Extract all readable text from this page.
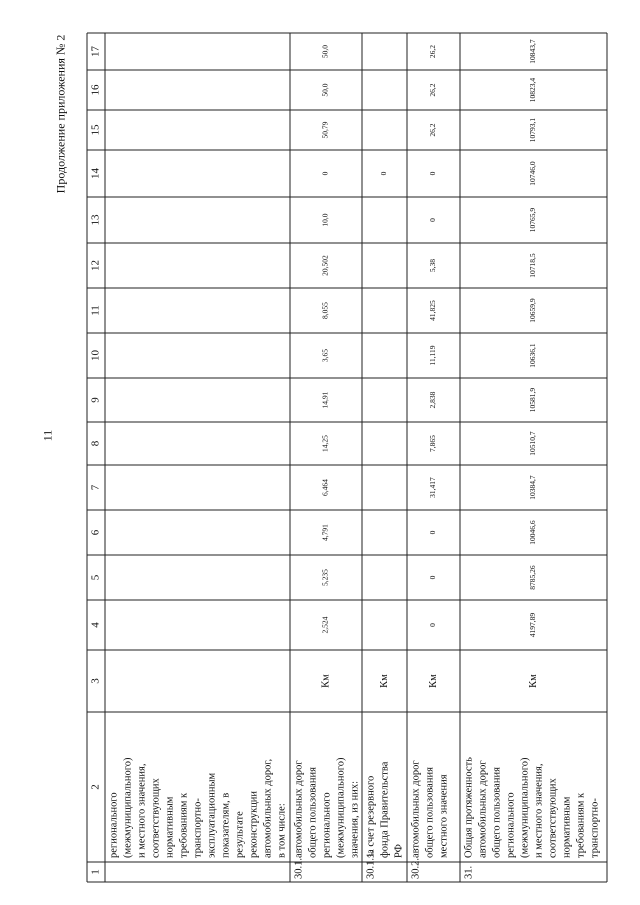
11
Продолжение приложения № 2
1
2
3
4
5
6
7
8
9
10
11
12
13
14
15
16
17
регионального (межмуниципального) и местного значения, соответствующих нормативным требованиям к транспортно- эксплуатационным показателям, в результате реконструкции автомобильных дорог, в том числе:
30.1.
автомобильных дорог общего пользования регионального (межмуниципального) значения, из них:
Км
2,524
5,235
4,791
6,464
14,25
14,91
3,65
8,055
20,502
10,0
0
50,79
50,0
50,0
30.1.1.
за счет резервного фонда Правительства РФ
Км
0
30.2.
автомобильных дорог общего пользования местного значения
Км
0
0
0
31,417
7,865
2,838
11,119
41,825
5,38
0
0
26,2
26,2
26,2
31.
Общая протяженность автомобильных дорог общего пользования регионального (межмуниципального) и местного значения, соответствующих нормативным требованиям к транспортно-
Км
4197,89
8785,26
10046,6
10384,7
10510,7
10581,9
10636,1
10659,9
10718,5
10765,9
10746,0
10793,1
10823,4
10843,7
